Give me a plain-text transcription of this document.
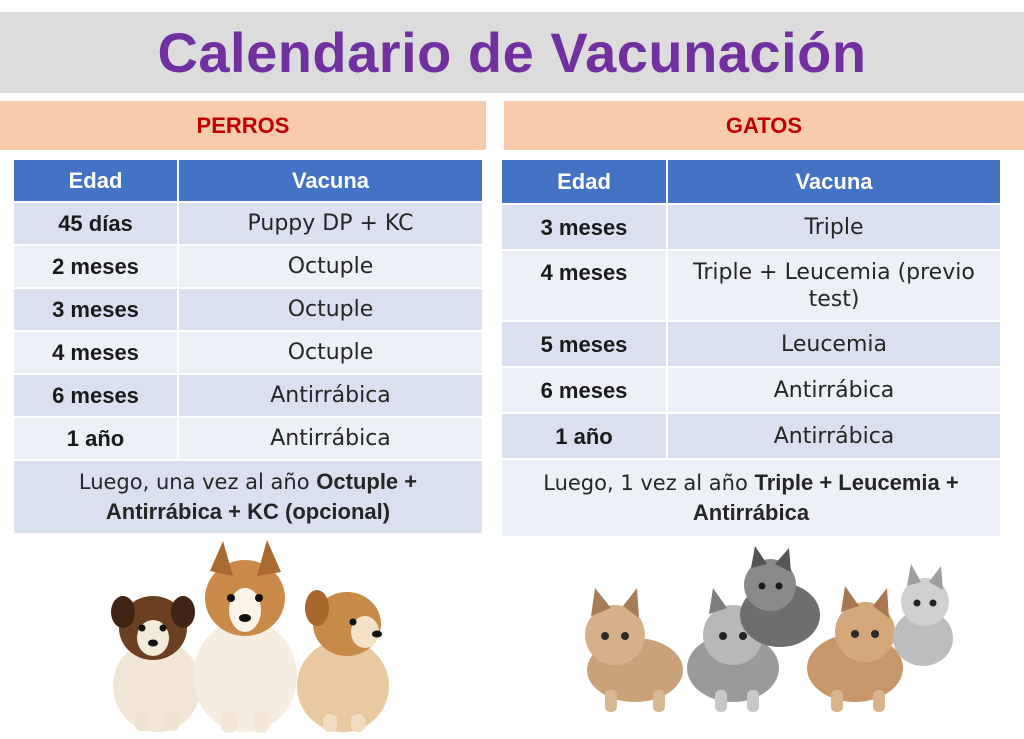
Calendario de Vacunación
PERROS
Edad	Vacuna
45 días	Puppy DP + KC
2 meses	Octuple
3 meses	Octuple
4 meses	Octuple
6 meses	Antirrábica
1 año	Antirrábica
Luego, una vez al año Octuple + Antirrábica + KC (opcional)	
GATOS
Edad	Vacuna
3 meses	Triple
4 meses	Triple + Leucemia (previo test)
5 meses	Leucemia
6 meses	Antirrábica
1 año	Antirrábica
Luego, 1 vez al año Triple + Leucemia + Antirrábica	
